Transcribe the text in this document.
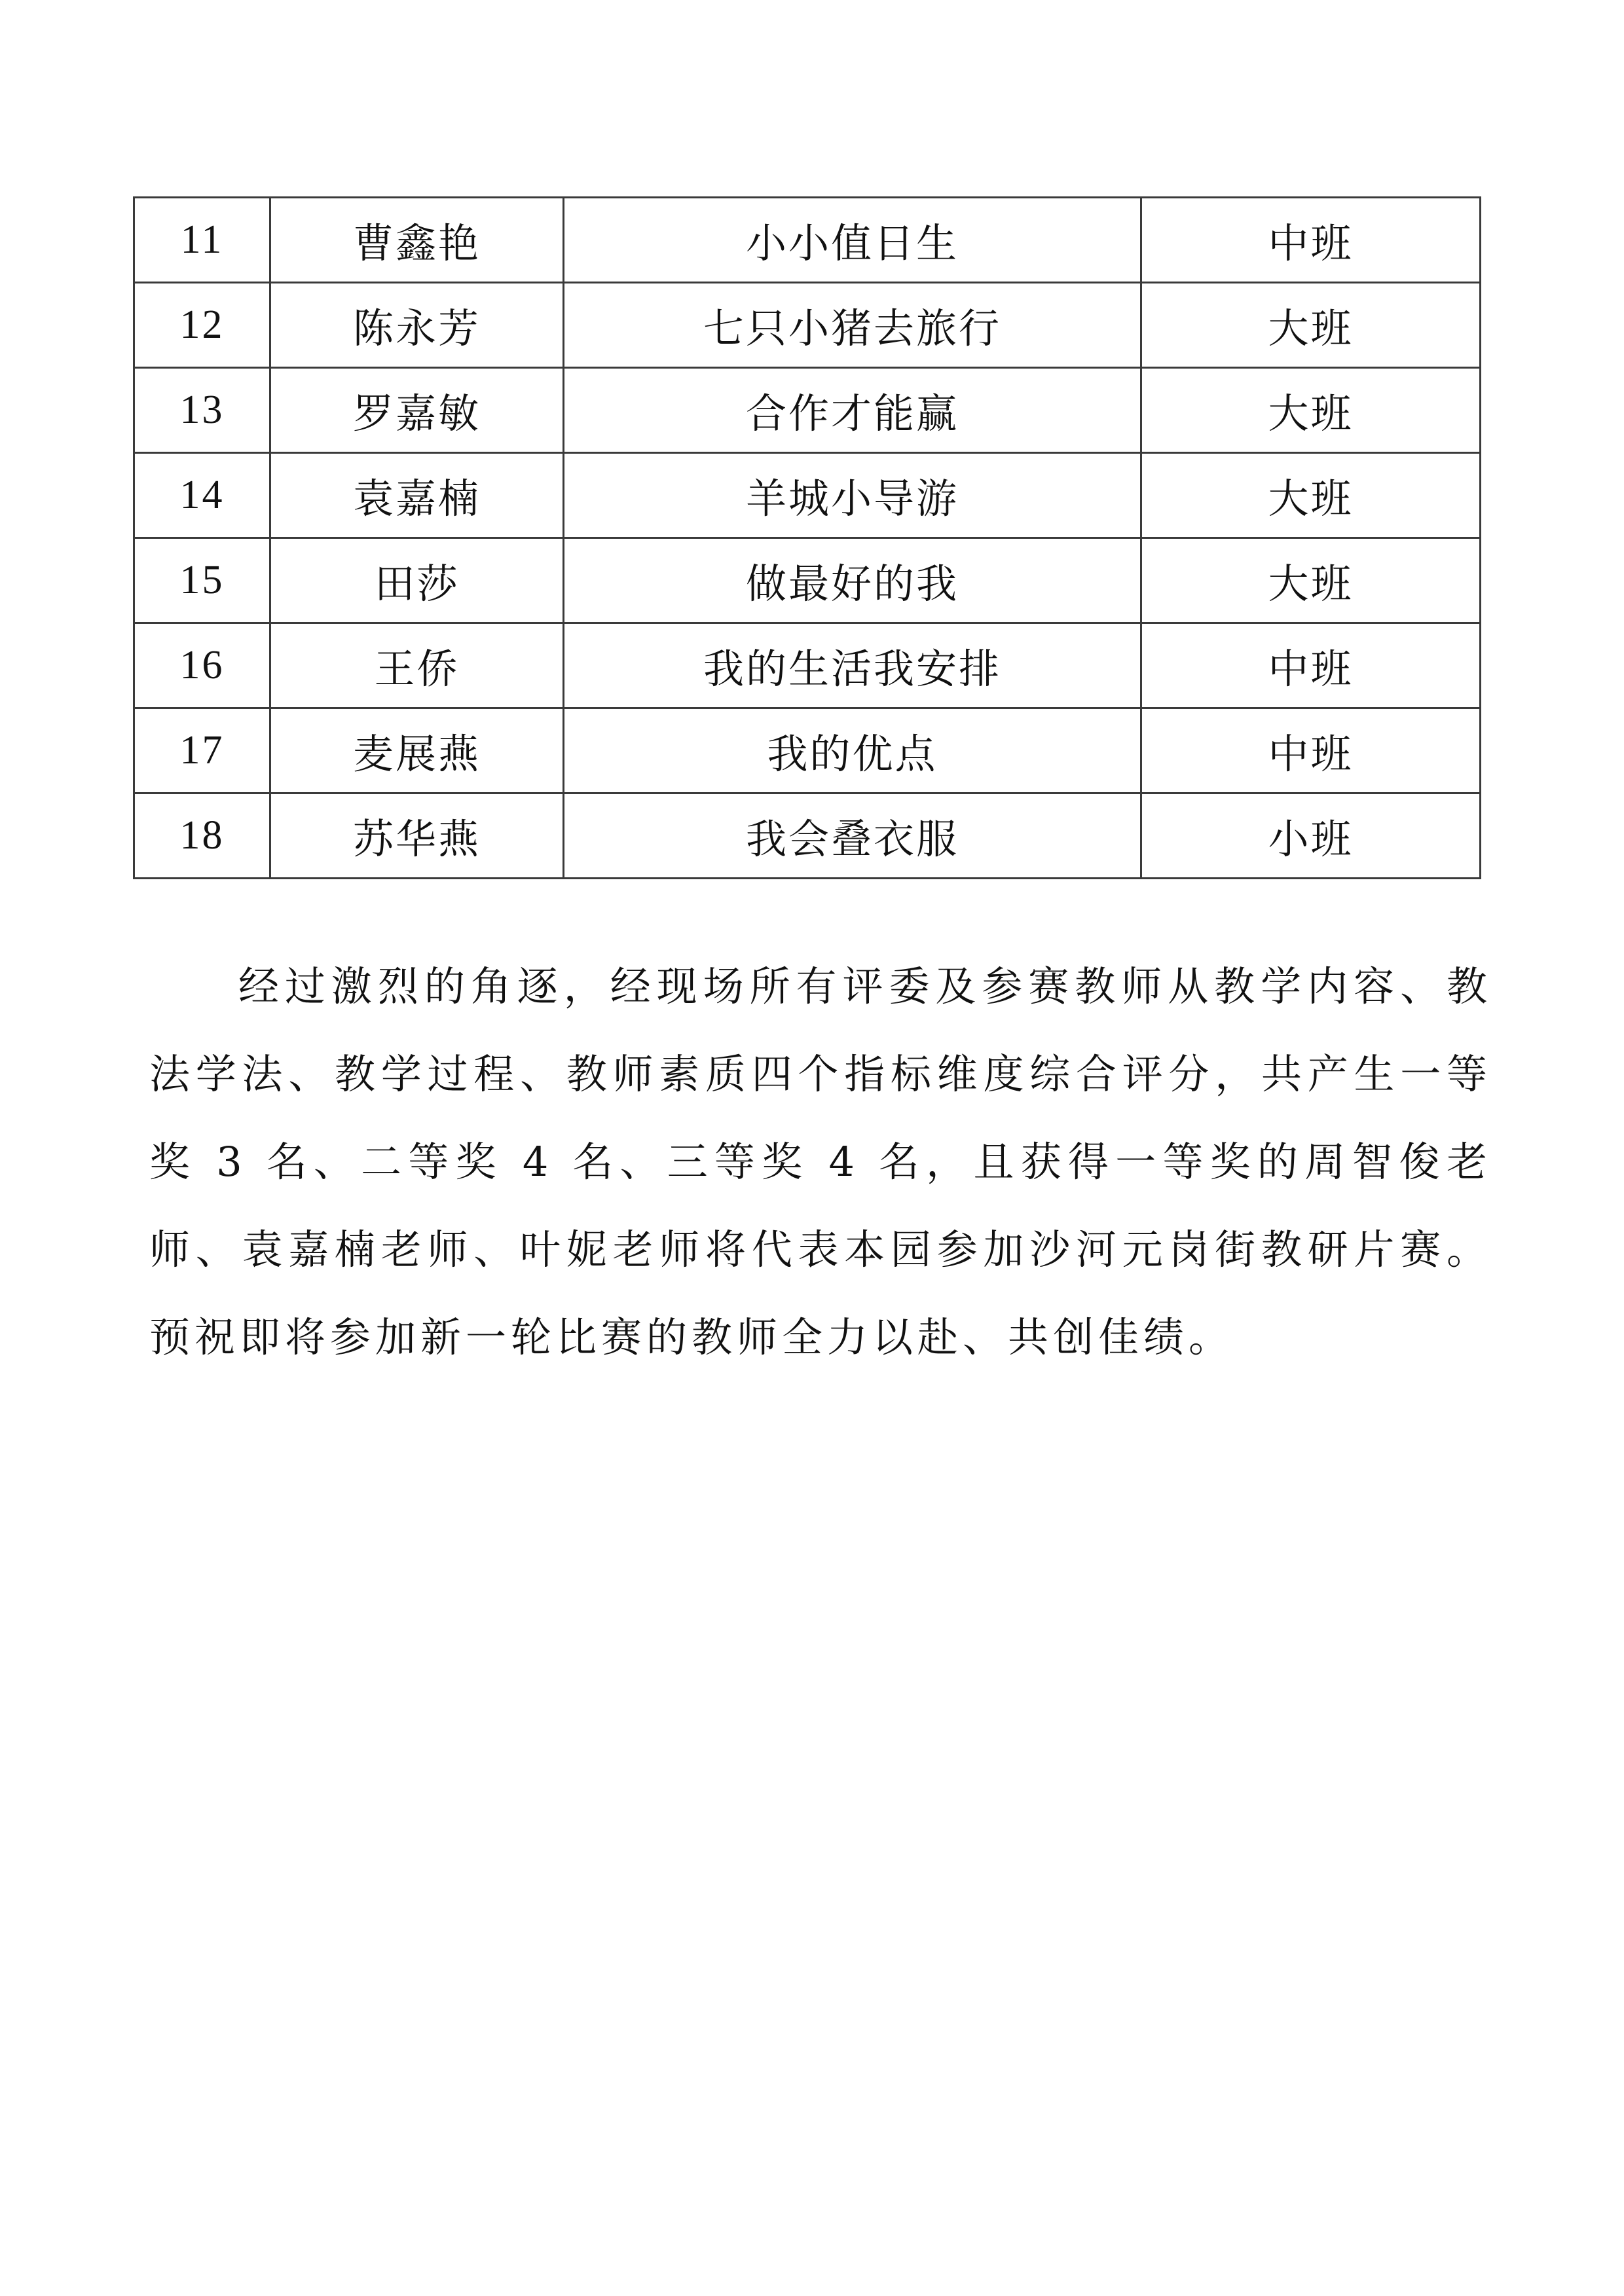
11	曹鑫艳	小小值日生	中班
12	陈永芳	七只小猪去旅行	大班
13	罗嘉敏	合作才能赢	大班
14	袁嘉楠	羊城小导游	大班
15	田莎	做最好的我	大班
16	王侨	我的生活我安排	中班
17	麦展燕	我的优点	中班
18	苏华燕	我会叠衣服	小班

经过激烈的角逐，经现场所有评委及参赛教师从教学内容、教法学法、教学过程、教师素质四个指标维度综合评分，共产生一等奖 3 名、二等奖 4 名、三等奖 4 名，且获得一等奖的周智俊老师、袁嘉楠老师、叶妮老师将代表本园参加沙河元岗街教研片赛。预祝即将参加新一轮比赛的教师全力以赴、共创佳绩。
